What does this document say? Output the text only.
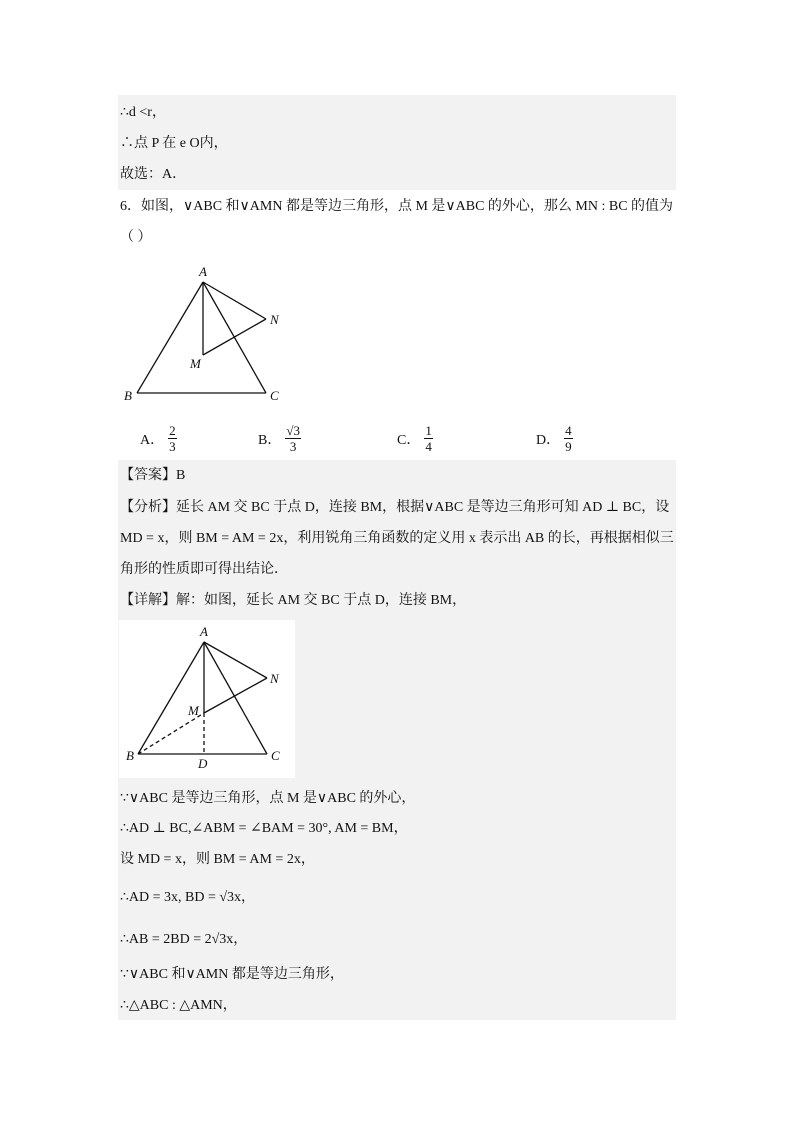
∴d <r，
∴点 P 在 e O内，
故选：A．
6．如图，∨ABC 和∨AMN 都是等边三角形，点 M 是∨ABC 的外心，那么 MN : BC 的值为
（ ）
A
N
M
B	C
A． $\frac{2}{3}$	B． $\frac{√3}{3}$	C． $\frac{1}{4}$	D． $\frac{4}{9}$
【答案】B
【分析】延长 AM 交 BC 于点 D，连接 BM，根据∨ABC 是等边三角形可知 AD ⊥ BC，设
MD = x，则 BM = AM = 2x，利用锐角三角函数的定义用 x 表示出 AB 的长，再根据相似三
角形的性质即可得出结论．
【详解】解：如图，延长 AM 交 BC 于点 D，连接 BM，
A
N
M
B	C
D
∵∨ABC 是等边三角形，点 M 是∨ABC 的外心，
∴AD ⊥ BC,∠ABM = ∠BAM = 30°, AM = BM，
设 MD = x，则 BM = AM = 2x，
∴AD = 3x, BD = √3x，
∴AB = 2BD = 2√3x，
∵∨ABC 和∨AMN 都是等边三角形，
∴△ABC : △AMN，
